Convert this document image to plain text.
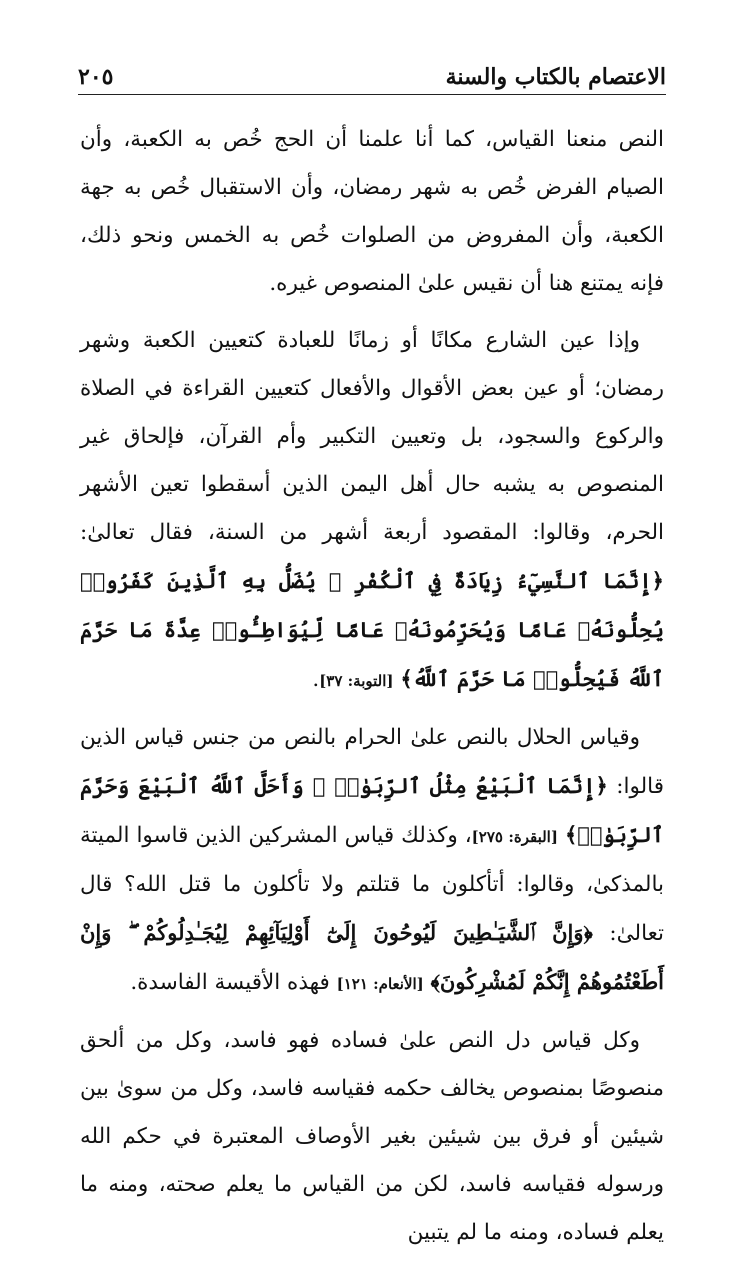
الاعتصام بالكتاب والسنة
٢٠٥

النص منعنا القياس، كما أنا علمنا أن الحج خُص به الكعبة، وأن الصيام الفرض خُص به شهر رمضان، وأن الاستقبال خُص به جهة الكعبة، وأن المفروض من الصلوات خُص به الخمس ونحو ذلك، فإنه يمتنع هنا أن نقيس علىٰ المنصوص غيره.

وإذا عين الشارع مكانًا أو زمانًا للعبادة كتعيين الكعبة وشهر رمضان؛ أو عين بعض الأقوال والأفعال كتعيين القراءة في الصلاة والركوع والسجود، بل وتعيين التكبير وأم القرآن، فإلحاق غير المنصوص به يشبه حال أهل اليمن الذين أسقطوا تعين الأشهر الحرم، وقالوا: المقصود أربعة أشهر من السنة، فقال تعالىٰ: ﴿إِنَّمَا ٱلنَّسِيٓءُ زِيَادَةٌ فِي ٱلْكُفْرِ ۖ يُضَلُّ بِهِ ٱلَّذِينَ كَفَرُوا۟ يُحِلُّونَهُۥ عَامًا وَيُحَرِّمُونَهُۥ عَامًا لِّيُوَاطِـُٔوا۟ عِدَّةَ مَا حَرَّمَ ٱللَّهُ فَيُحِلُّوا۟ مَا حَرَّمَ ٱللَّهُ﴾ [التوبة: ٣٧].

وقياس الحلال بالنص علىٰ الحرام بالنص من جنس قياس الذين قالوا: ﴿إِنَّمَا ٱلْبَيْعُ مِثْلُ ٱلرِّبَوٰا۟ ۗ وَأَحَلَّ ٱللَّهُ ٱلْبَيْعَ وَحَرَّمَ ٱلرِّبَوٰا۟﴾ [البقرة: ٢٧٥]، وكذلك قياس المشركين الذين قاسوا الميتة بالمذكىٰ، وقالوا: أتأكلون ما قتلتم ولا تأكلون ما قتل الله؟ قال تعالىٰ: ﴿وَإِنَّ ٱلشَّيَـٰطِينَ لَيُوحُونَ إِلَىٰٓ أَوْلِيَآئِهِمْ لِيُجَـٰدِلُوكُمْ ۖ وَإِنْ أَطَعْتُمُوهُمْ إِنَّكُمْ لَمُشْرِكُونَ﴾ [الأنعام: ١٢١] فهذه الأقيسة الفاسدة.

وكل قياس دل النص علىٰ فساده فهو فاسد، وكل من ألحق منصوصًا بمنصوص يخالف حكمه فقياسه فاسد، وكل من سوىٰ بين شيئين أو فرق بين شيئين بغير الأوصاف المعتبرة في حكم الله ورسوله فقياسه فاسد، لكن من القياس ما يعلم صحته، ومنه ما يعلم فساده، ومنه ما لم يتبين
